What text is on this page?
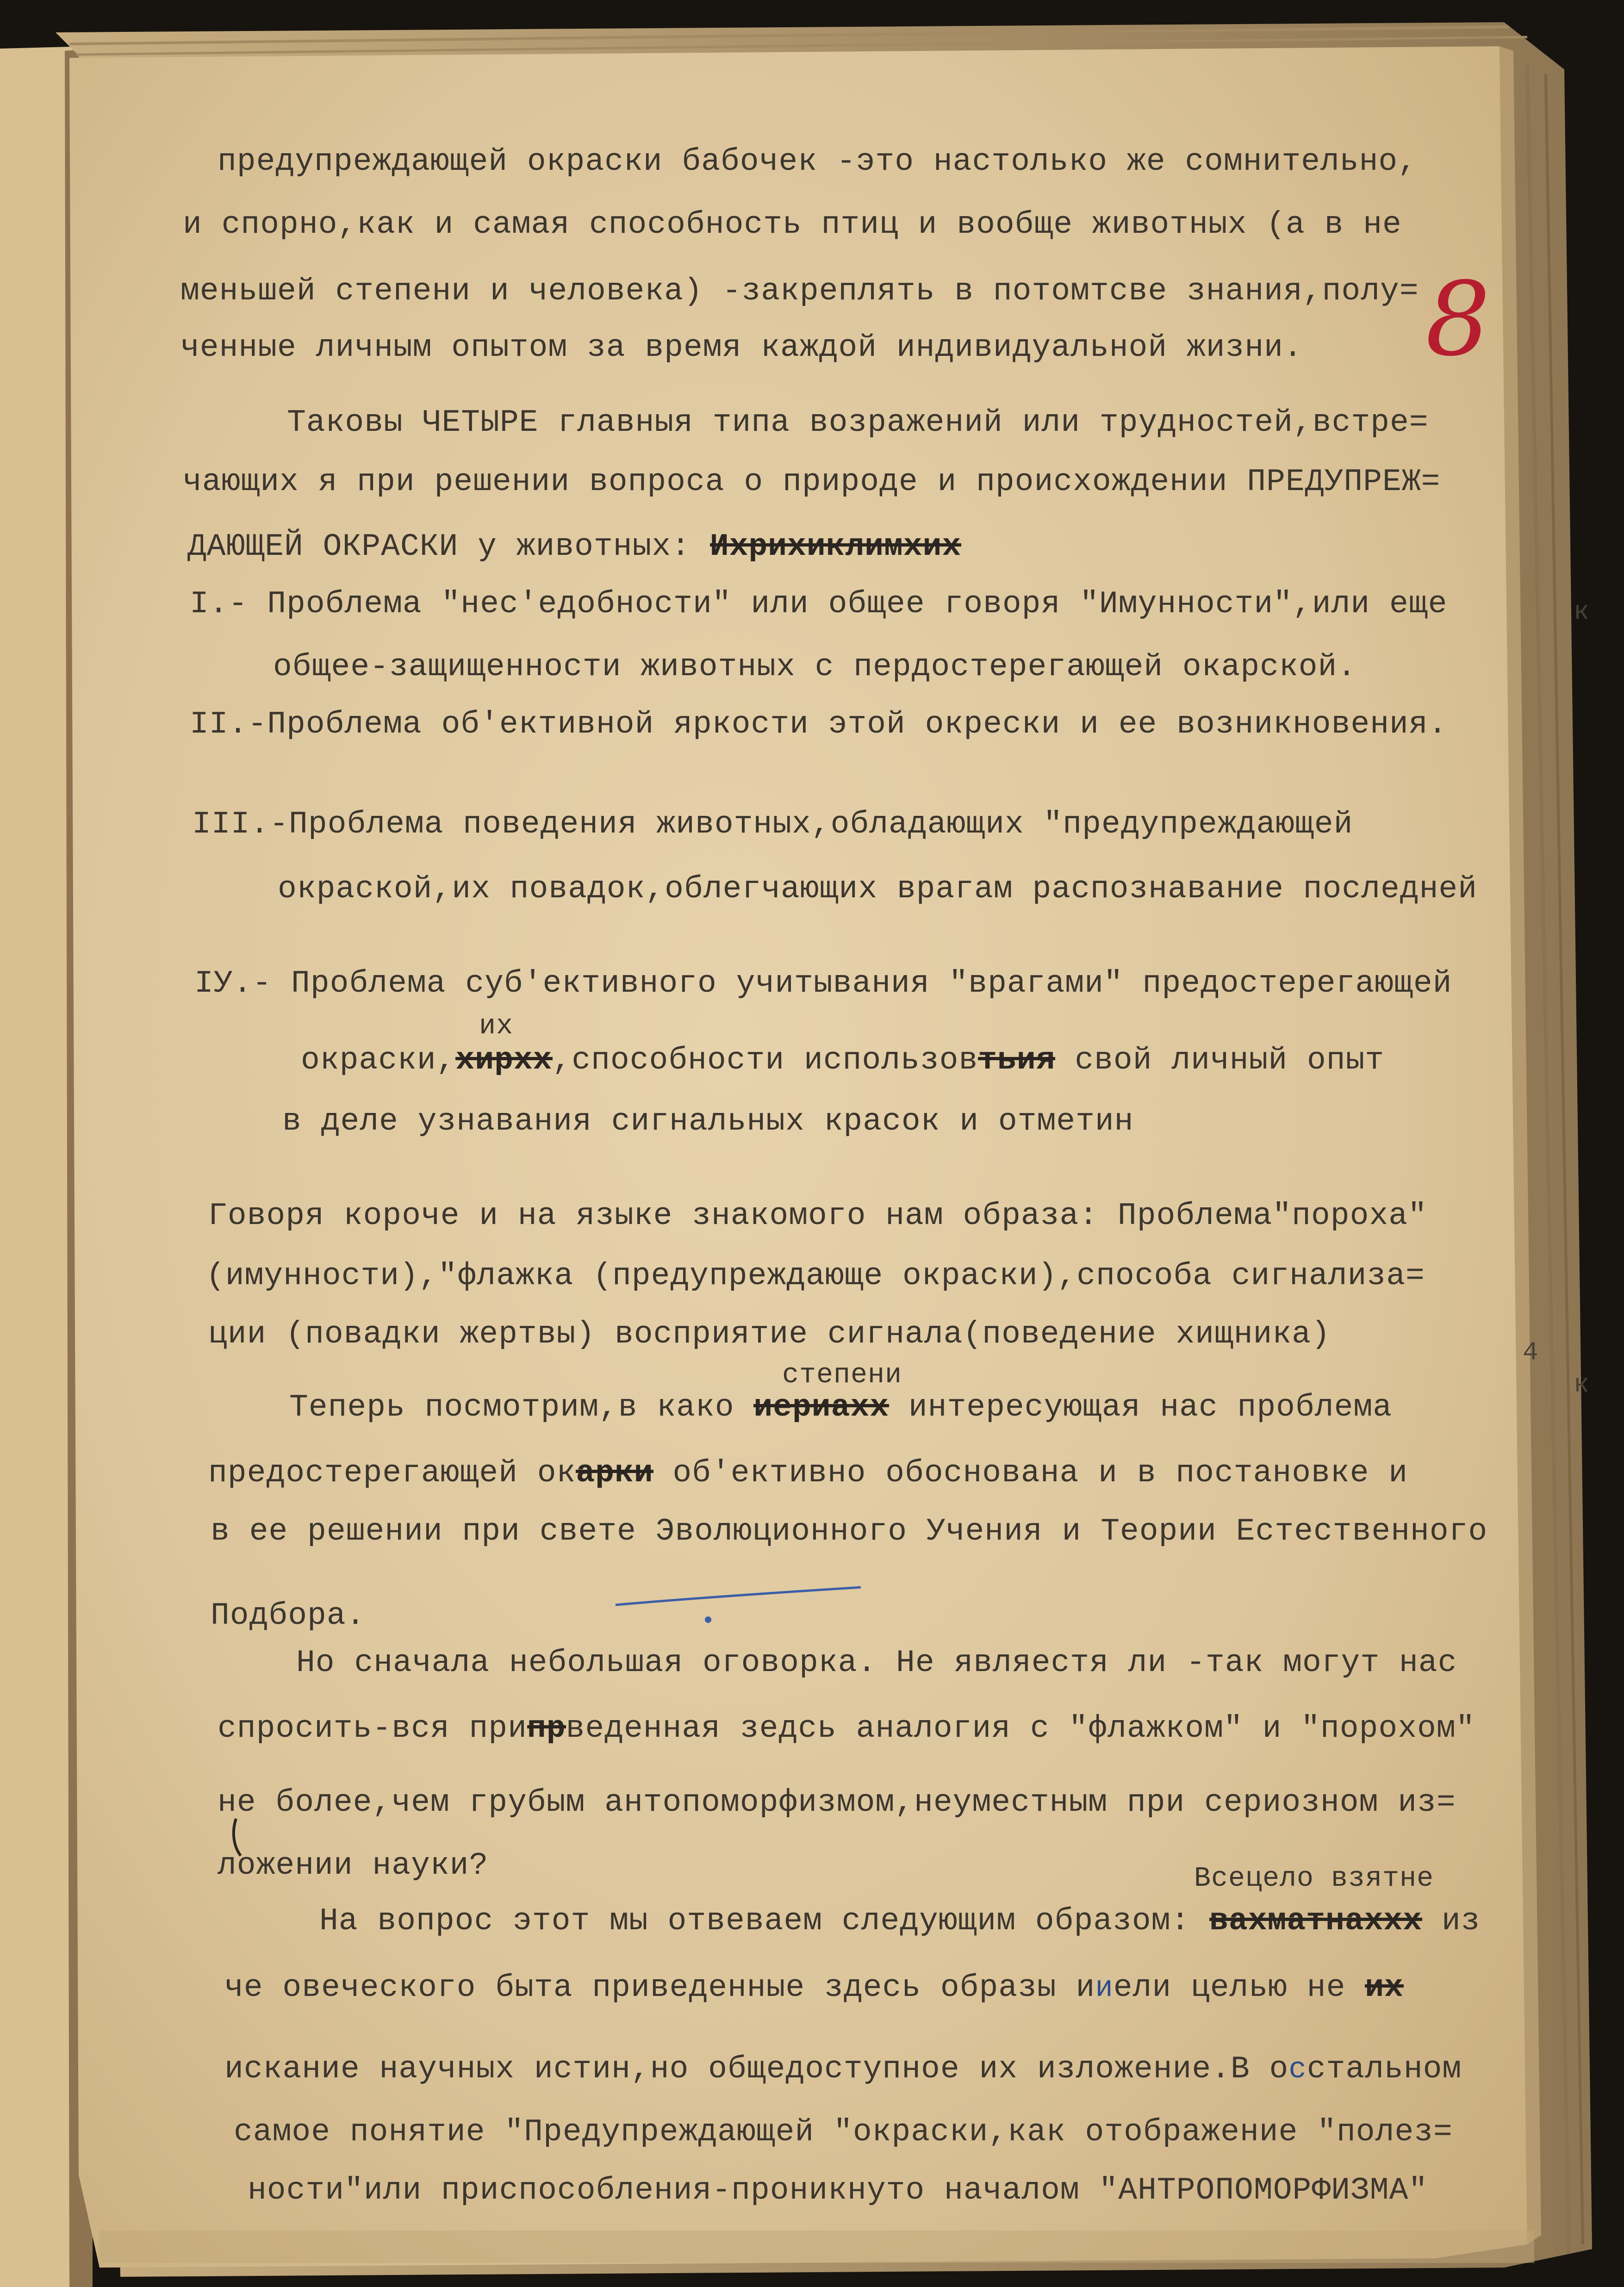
предупреждающей окраски бабочек -это настолько же сомнительно,
и спорно,как и самая способность птиц и вообще животных (а в не
меньшей степени и человека) -закреплять в потомтсве знания,полу=
ченные личным опытом за время каждой индивидуальной жизни. 8
Таковы ЧЕТЫРЕ главныя типа возражений или трудностей,встре=
чающих я при решении вопроса о природе и происхождении ПРЕДУПРЕЖ=
ДАЮЩЕЙ ОКРАСКИ у животных: Ихрихиклимхих
I.- Проблема "нес'едобности" или общее говоря "Имунности",или еще
общее-защищенности животных с пердостерегающей окарской.
II.-Проблема об'ективной яркости этой окрески и ее возникновения.
III.-Проблема поведения животных,обладающих "предупреждающей
окраской,их повадок,облегчающих врагам распознавание последней
IУ.- Проблема суб'ективного учитывания "врагами" предостерегающей
их
окраски,хирхх,способности использовтьия свой личный опыт
в деле узнавания сигнальных красок и отметин
Говоря короче и на языке знакомого нам образа: Проблема"пороха"
(имунности),"флажка (предупреждающе окраски),способа сигнализа=
ции (повадки жертвы) восприятие сигнала(поведение хищника)
степени
Теперь посмотрим,в како иериахх интересующая нас проблема
предостерегающей окарки об'ективно обоснована и в постановке и
в ее решении при свете Эволюционного Учения и Теории Естественного
Подбора.
Но сначала небольшая оговорка. Не являестя ли -так могут нас
спросить-вся припрведенная зедсь аналогия с "флажком" и "порохом"
не более,чем грубым антопоморфизмом,неуместным при сериозном из=
ложении науки?	Всецело взятне
На вопрос этот мы отвеваем следующим образом: вахматнаххх из
че овеческого быта приведенные здесь образы ииели целью не их
искание научных истин,но общедоступное их изложение.В осстальном
самое понятие "Предупреждающей "окраски,как отображение "полез=
ности"или приспособления-проникнуто началом "АНТРОПОМОРФИЗМА"
к
4
к
